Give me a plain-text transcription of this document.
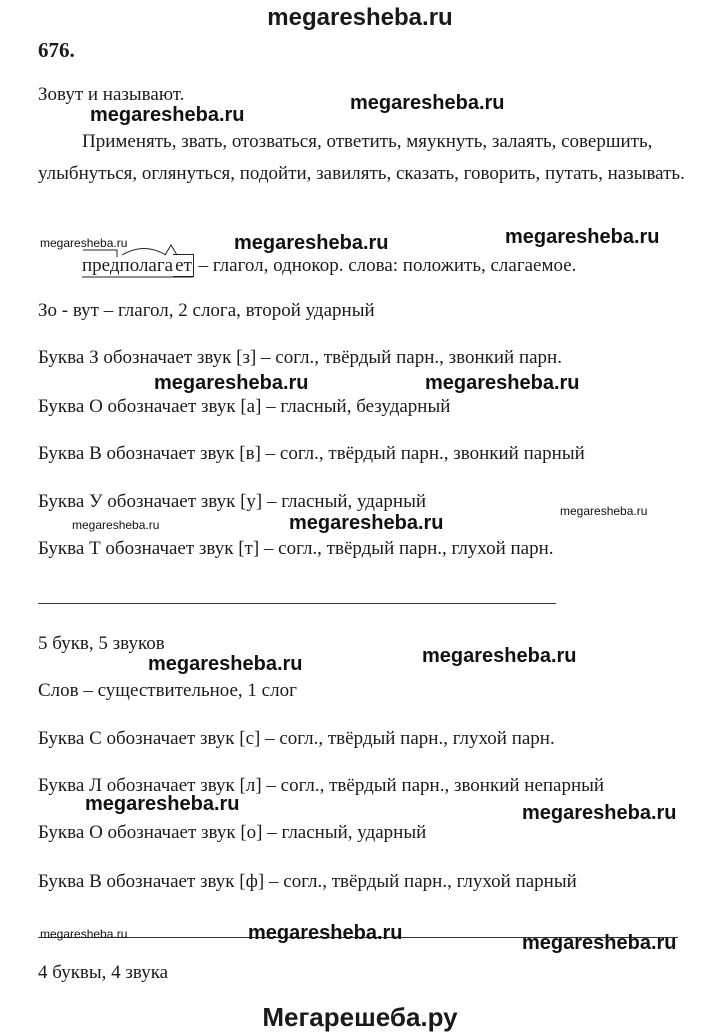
megaresheba.ru
676.
Зовут и называют.
Применять, звать, отозваться, ответить, мяукнуть, залаять, совершить, улыбнуться, оглянуться, подойти, завилять, сказать, говорить, путать, называть.
пред
полаг
а ет – глагол, однокор. слова: положить, слагаемое.
Зо - вут – глагол, 2 слога, второй ударный
Буква З обозначает звук [з] – согл., твёрдый парн., звонкий парн.
Буква О обозначает звук [а] – гласный, безударный
Буква В обозначает звук [в] – согл., твёрдый парн., звонкий парный
Буква У обозначает звук [у] – гласный, ударный
Буква Т обозначает звук [т] – согл., твёрдый парн., глухой парн.
5 букв, 5 звуков
Слов – существительное, 1 слог
Буква С обозначает звук [с] – согл., твёрдый парн., глухой парн.
Буква Л обозначает звук [л] – согл., твёрдый парн., звонкий непарный
Буква О обозначает звук [о] – гласный, ударный
Буква В обозначает звук [ф] – согл., твёрдый парн., глухой парный
4 буквы, 4 звука
megaresheba.ru
megaresheba.ru
megaresheba.ru	megaresheba.ru	megaresheba.ru
megaresheba.ru	megaresheba.ru
megaresheba.ru
megaresheba.ru	megaresheba.ru
megaresheba.ru	megaresheba.ru
megaresheba.ru	megaresheba.ru
megaresheba.ru	megaresheba.ru	megaresheba.ru
Мегарешеба.ру
